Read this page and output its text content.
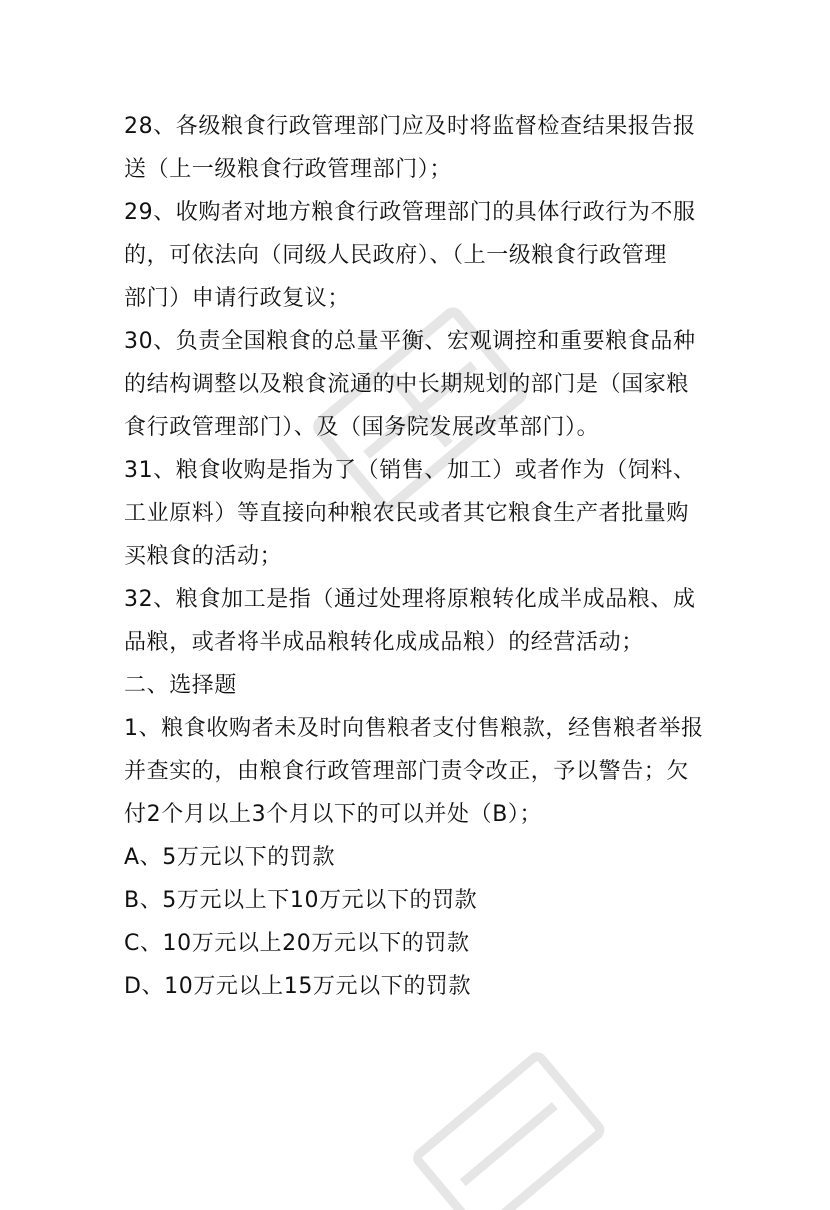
28、各级粮食行政管理部门应及时将监督检查结果报告报
送（上一级粮食行政管理部门）；
29、收购者对地方粮食行政管理部门的具体行政行为不服
的，可依法向（同级人民政府）、（上一级粮食行政管理
部门）申请行政复议；
30、负责全国粮食的总量平衡、宏观调控和重要粮食品种
的结构调整以及粮食流通的中长期规划的部门是（国家粮
食行政管理部门）、及（国务院发展改革部门）。
31、粮食收购是指为了（销售、加工）或者作为（饲料、
工业原料）等直接向种粮农民或者其它粮食生产者批量购
买粮食的活动；
32、粮食加工是指（通过处理将原粮转化成半成品粮、成
品粮，或者将半成品粮转化成成品粮）的经营活动；
二、选择题
1、粮食收购者未及时向售粮者支付售粮款，经售粮者举报
并查实的，由粮食行政管理部门责令改正，予以警告；欠
付2个月以上3个月以下的可以并处（B）；
A、5万元以下的罚款
B、5万元以上下10万元以下的罚款
C、10万元以上20万元以下的罚款
D、10万元以上15万元以下的罚款
